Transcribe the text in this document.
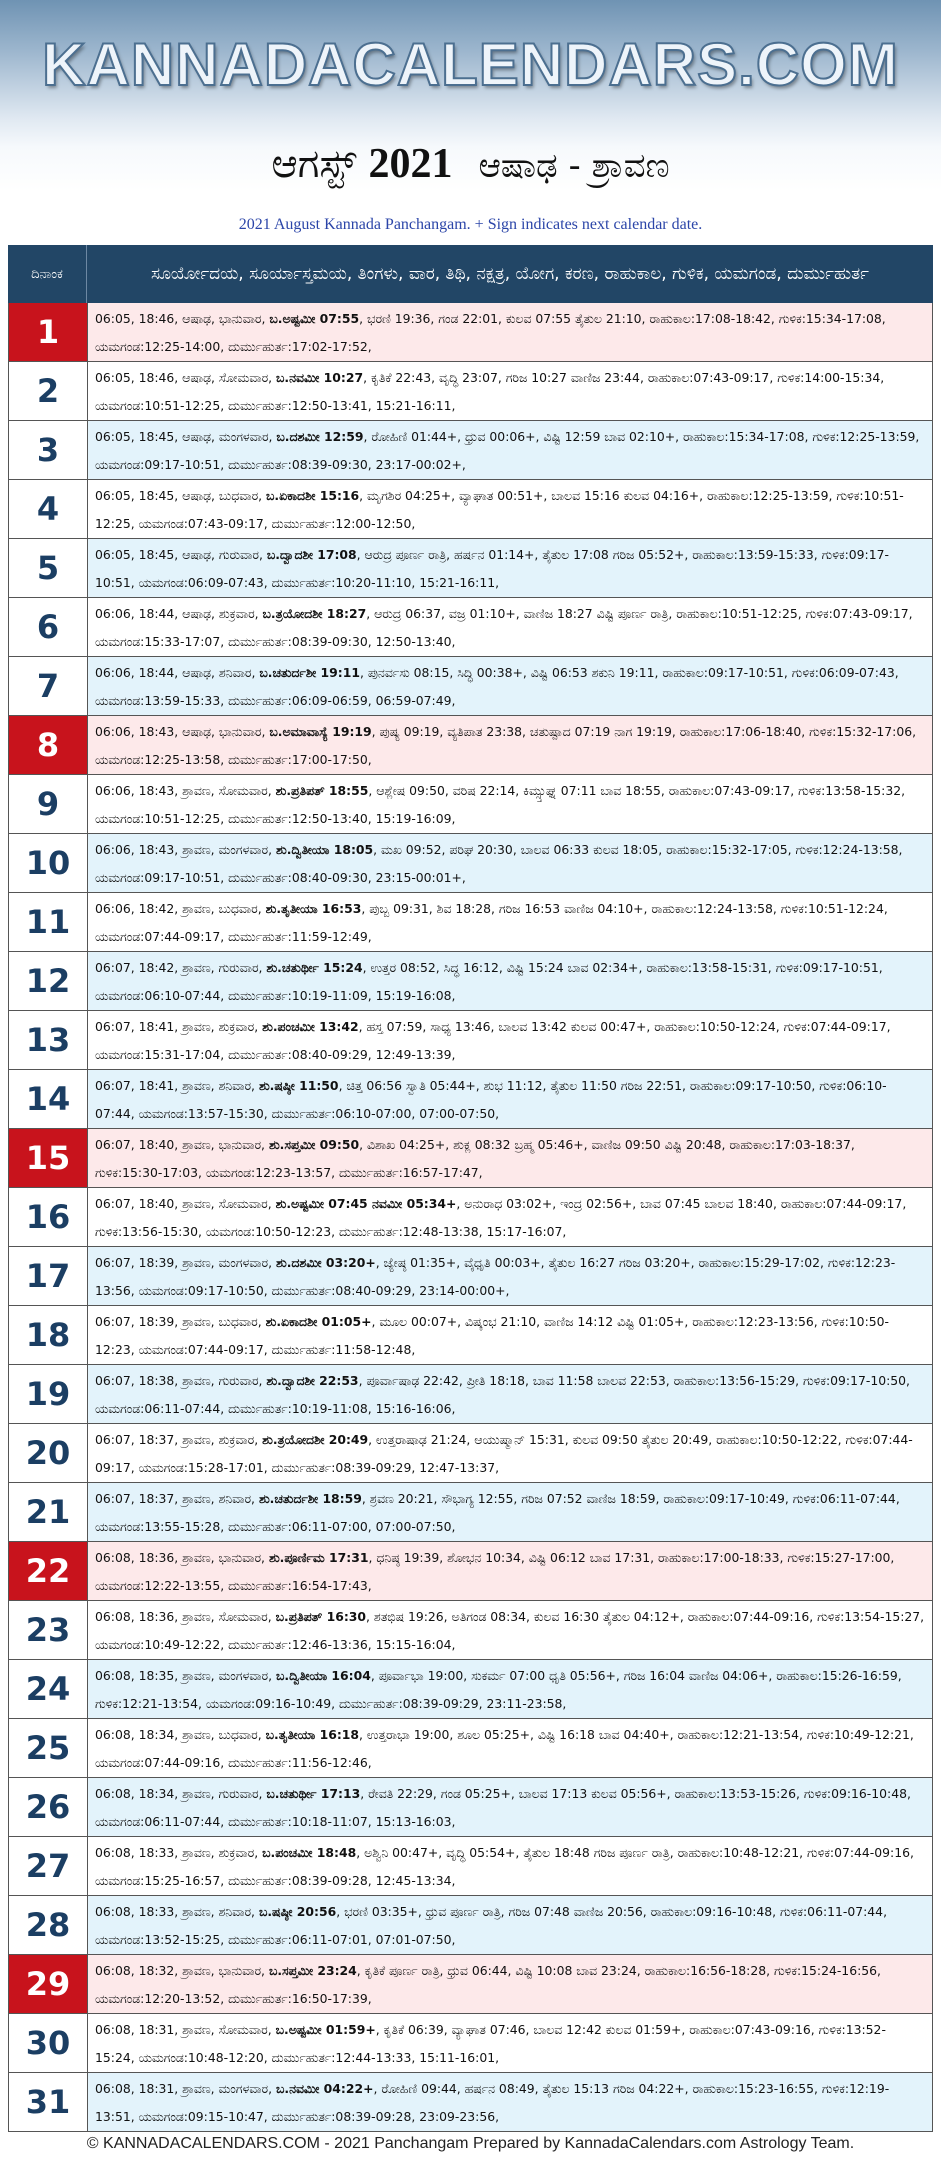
KANNADACALENDARS.COM
ಆಗಸ್ಟ್ 2021 ಆಷಾಢ - ಶ್ರಾವಣ
2021 August Kannada Panchangam. + Sign indicates next calendar date.
ದಿನಾಂಕ	ಸೂರ್ಯೋದಯ, ಸೂರ್ಯಾಸ್ತಮಯ, ತಿಂಗಳು, ವಾರ, ತಿಥಿ, ನಕ್ಷತ್ರ, ಯೋಗ, ಕರಣ, ರಾಹುಕಾಲ, ಗುಳಿಕ, ಯಮಗಂಡ, ದುರ್ಮುಹುರ್ತ
1	06:05, 18:46, ಆಷಾಢ, ಭಾನುವಾರ, ಬ.ಅಷ್ಟಮೀ 07:55, ಭರಣಿ 19:36, ಗಂಡ 22:01, ಕುಲವ 07:55 ತೈತುಲ 21:10, ರಾಹುಕಾಲ:17:08-18:42, ಗುಳಿಕ:15:34-17:08, ಯಮಗಂಡ:12:25-14:00, ದುರ್ಮುಹುರ್ತ:17:02-17:52,
2	06:05, 18:46, ಆಷಾಢ, ಸೋಮವಾರ, ಬ.ನವಮೀ 10:27, ಕೃತಿಕೆ 22:43, ವೃದ್ಧಿ 23:07, ಗರಿಜ 10:27 ವಾಣಿಜ 23:44, ರಾಹುಕಾಲ:07:43-09:17, ಗುಳಿಕ:14:00-15:34, ಯಮಗಂಡ:10:51-12:25, ದುರ್ಮುಹುರ್ತ:12:50-13:41, 15:21-16:11,
3	06:05, 18:45, ಆಷಾಢ, ಮಂಗಳವಾರ, ಬ.ದಶಮೀ 12:59, ರೋಹಿಣಿ 01:44+, ಧ್ರುವ 00:06+, ವಿಷ್ಟಿ 12:59 ಬಾವ 02:10+, ರಾಹುಕಾಲ:15:34-17:08, ಗುಳಿಕ:12:25-13:59, ಯಮಗಂಡ:09:17-10:51, ದುರ್ಮುಹುರ್ತ:08:39-09:30, 23:17-00:02+,
4	06:05, 18:45, ಆಷಾಢ, ಬುಧವಾರ, ಬ.ಏಕಾದಶೀ 15:16, ಮೃಗಶಿರ 04:25+, ವ್ಯಾಘಾತ 00:51+, ಬಾಲವ 15:16 ಕುಲವ 04:16+, ರಾಹುಕಾಲ:12:25-13:59, ಗುಳಿಕ:10:51-12:25, ಯಮಗಂಡ:07:43-09:17, ದುರ್ಮುಹುರ್ತ:12:00-12:50,
5	06:05, 18:45, ಆಷಾಢ, ಗುರುವಾರ, ಬ.ದ್ವಾದಶೀ 17:08, ಆರುದ್ರ ಪೂರ್ಣ ರಾತ್ರಿ, ಹರ್ಷನ 01:14+, ತೈತುಲ 17:08 ಗರಿಜ 05:52+, ರಾಹುಕಾಲ:13:59-15:33, ಗುಳಿಕ:09:17-10:51, ಯಮಗಂಡ:06:09-07:43, ದುರ್ಮುಹುರ್ತ:10:20-11:10, 15:21-16:11,
6	06:06, 18:44, ಆಷಾಢ, ಶುಕ್ರವಾರ, ಬ.ತ್ರಯೋದಶೀ 18:27, ಆರುದ್ರ 06:37, ವಜ್ರ 01:10+, ವಾಣಿಜ 18:27 ವಿಷ್ಟಿ ಪೂರ್ಣ ರಾತ್ರಿ, ರಾಹುಕಾಲ:10:51-12:25, ಗುಳಿಕ:07:43-09:17, ಯಮಗಂಡ:15:33-17:07, ದುರ್ಮುಹುರ್ತ:08:39-09:30, 12:50-13:40,
7	06:06, 18:44, ಆಷಾಢ, ಶನಿವಾರ, ಬ.ಚತುರ್ದಶೀ 19:11, ಪುನರ್ವಸು 08:15, ಸಿದ್ಧಿ 00:38+, ವಿಷ್ಟಿ 06:53 ಶಕುನಿ 19:11, ರಾಹುಕಾಲ:09:17-10:51, ಗುಳಿಕ:06:09-07:43, ಯಮಗಂಡ:13:59-15:33, ದುರ್ಮುಹುರ್ತ:06:09-06:59, 06:59-07:49,
8	06:06, 18:43, ಆಷಾಢ, ಭಾನುವಾರ, ಬ.ಅಮಾವಾಸ್ಯೆ 19:19, ಪುಷ್ಯ 09:19, ವ್ಯತಿಪಾತ 23:38, ಚತುಷ್ಪಾದ 07:19 ನಾಗ 19:19, ರಾಹುಕಾಲ:17:06-18:40, ಗುಳಿಕ:15:32-17:06, ಯಮಗಂಡ:12:25-13:58, ದುರ್ಮುಹುರ್ತ:17:00-17:50,
9	06:06, 18:43, ಶ್ರಾವಣ, ಸೋಮವಾರ, ಶು.ಪ್ರತಿಪತ್ 18:55, ಆಶ್ಲೇಷ 09:50, ವರಿಷ 22:14, ಕಿಮ್ಸ್ತುಘ್ನ 07:11 ಬಾವ 18:55, ರಾಹುಕಾಲ:07:43-09:17, ಗುಳಿಕ:13:58-15:32, ಯಮಗಂಡ:10:51-12:25, ದುರ್ಮುಹುರ್ತ:12:50-13:40, 15:19-16:09,
10	06:06, 18:43, ಶ್ರಾವಣ, ಮಂಗಳವಾರ, ಶು.ದ್ವಿತೀಯಾ 18:05, ಮಖ 09:52, ಪರಿಘ 20:30, ಬಾಲವ 06:33 ಕುಲವ 18:05, ರಾಹುಕಾಲ:15:32-17:05, ಗುಳಿಕ:12:24-13:58, ಯಮಗಂಡ:09:17-10:51, ದುರ್ಮುಹುರ್ತ:08:40-09:30, 23:15-00:01+,
11	06:06, 18:42, ಶ್ರಾವಣ, ಬುಧವಾರ, ಶು.ತೃತೀಯಾ 16:53, ಪುಬ್ಬ 09:31, ಶಿವ 18:28, ಗರಿಜ 16:53 ವಾಣಿಜ 04:10+, ರಾಹುಕಾಲ:12:24-13:58, ಗುಳಿಕ:10:51-12:24, ಯಮಗಂಡ:07:44-09:17, ದುರ್ಮುಹುರ್ತ:11:59-12:49,
12	06:07, 18:42, ಶ್ರಾವಣ, ಗುರುವಾರ, ಶು.ಚತುರ್ಥೀ 15:24, ಉತ್ತರ 08:52, ಸಿದ್ಧ 16:12, ವಿಷ್ಟಿ 15:24 ಬಾವ 02:34+, ರಾಹುಕಾಲ:13:58-15:31, ಗುಳಿಕ:09:17-10:51, ಯಮಗಂಡ:06:10-07:44, ದುರ್ಮುಹುರ್ತ:10:19-11:09, 15:19-16:08,
13	06:07, 18:41, ಶ್ರಾವಣ, ಶುಕ್ರವಾರ, ಶು.ಪಂಚಮೀ 13:42, ಹಸ್ತ 07:59, ಸಾಧ್ಯ 13:46, ಬಾಲವ 13:42 ಕುಲವ 00:47+, ರಾಹುಕಾಲ:10:50-12:24, ಗುಳಿಕ:07:44-09:17, ಯಮಗಂಡ:15:31-17:04, ದುರ್ಮುಹುರ್ತ:08:40-09:29, 12:49-13:39,
14	06:07, 18:41, ಶ್ರಾವಣ, ಶನಿವಾರ, ಶು.ಷಷ್ಠೀ 11:50, ಚಿತ್ತ 06:56 ಸ್ವಾತಿ 05:44+, ಶುಭ 11:12, ತೈತುಲ 11:50 ಗರಿಜ 22:51, ರಾಹುಕಾಲ:09:17-10:50, ಗುಳಿಕ:06:10-07:44, ಯಮಗಂಡ:13:57-15:30, ದುರ್ಮುಹುರ್ತ:06:10-07:00, 07:00-07:50,
15	06:07, 18:40, ಶ್ರಾವಣ, ಭಾನುವಾರ, ಶು.ಸಪ್ತಮೀ 09:50, ವಿಶಾಖ 04:25+, ಶುಕ್ಲ 08:32 ಬ್ರಹ್ಮ 05:46+, ವಾಣಿಜ 09:50 ವಿಷ್ಟಿ 20:48, ರಾಹುಕಾಲ:17:03-18:37, ಗುಳಿಕ:15:30-17:03, ಯಮಗಂಡ:12:23-13:57, ದುರ್ಮುಹುರ್ತ:16:57-17:47,
16	06:07, 18:40, ಶ್ರಾವಣ, ಸೋಮವಾರ, ಶು.ಅಷ್ಟಮೀ 07:45 ನವಮೀ 05:34+, ಅನುರಾಧ 03:02+, ಇಂದ್ರ 02:56+, ಬಾವ 07:45 ಬಾಲವ 18:40, ರಾಹುಕಾಲ:07:44-09:17, ಗುಳಿಕ:13:56-15:30, ಯಮಗಂಡ:10:50-12:23, ದುರ್ಮುಹುರ್ತ:12:48-13:38, 15:17-16:07,
17	06:07, 18:39, ಶ್ರಾವಣ, ಮಂಗಳವಾರ, ಶು.ದಶಮೀ 03:20+, ಜ್ಯೇಷ್ಠ 01:35+, ವೈಧೃತಿ 00:03+, ತೈತುಲ 16:27 ಗರಿಜ 03:20+, ರಾಹುಕಾಲ:15:29-17:02, ಗುಳಿಕ:12:23-13:56, ಯಮಗಂಡ:09:17-10:50, ದುರ್ಮುಹುರ್ತ:08:40-09:29, 23:14-00:00+,
18	06:07, 18:39, ಶ್ರಾವಣ, ಬುಧವಾರ, ಶು.ಏಕಾದಶೀ 01:05+, ಮೂಲ 00:07+, ವಿಷ್ಕಂಭ 21:10, ವಾಣಿಜ 14:12 ವಿಷ್ಟಿ 01:05+, ರಾಹುಕಾಲ:12:23-13:56, ಗುಳಿಕ:10:50-12:23, ಯಮಗಂಡ:07:44-09:17, ದುರ್ಮುಹುರ್ತ:11:58-12:48,
19	06:07, 18:38, ಶ್ರಾವಣ, ಗುರುವಾರ, ಶು.ದ್ವಾದಶೀ 22:53, ಪೂರ್ವಾಷಾಢ 22:42, ಪ್ರೀತಿ 18:18, ಬಾವ 11:58 ಬಾಲವ 22:53, ರಾಹುಕಾಲ:13:56-15:29, ಗುಳಿಕ:09:17-10:50, ಯಮಗಂಡ:06:11-07:44, ದುರ್ಮುಹುರ್ತ:10:19-11:08, 15:16-16:06,
20	06:07, 18:37, ಶ್ರಾವಣ, ಶುಕ್ರವಾರ, ಶು.ತ್ರಯೋದಶೀ 20:49, ಉತ್ತರಾಷಾಢ 21:24, ಆಯುಷ್ಮಾನ್ 15:31, ಕುಲವ 09:50 ತೈತುಲ 20:49, ರಾಹುಕಾಲ:10:50-12:22, ಗುಳಿಕ:07:44-09:17, ಯಮಗಂಡ:15:28-17:01, ದುರ್ಮುಹುರ್ತ:08:39-09:29, 12:47-13:37,
21	06:07, 18:37, ಶ್ರಾವಣ, ಶನಿವಾರ, ಶು.ಚತುರ್ದಶೀ 18:59, ಶ್ರವಣ 20:21, ಸೌಭಾಗ್ಯ 12:55, ಗರಿಜ 07:52 ವಾಣಿಜ 18:59, ರಾಹುಕಾಲ:09:17-10:49, ಗುಳಿಕ:06:11-07:44, ಯಮಗಂಡ:13:55-15:28, ದುರ್ಮುಹುರ್ತ:06:11-07:00, 07:00-07:50,
22	06:08, 18:36, ಶ್ರಾವಣ, ಭಾನುವಾರ, ಶು.ಪೂರ್ಣಿಮ 17:31, ಧನಿಷ್ಠ 19:39, ಶೋಭನ 10:34, ವಿಷ್ಟಿ 06:12 ಬಾವ 17:31, ರಾಹುಕಾಲ:17:00-18:33, ಗುಳಿಕ:15:27-17:00, ಯಮಗಂಡ:12:22-13:55, ದುರ್ಮುಹುರ್ತ:16:54-17:43,
23	06:08, 18:36, ಶ್ರಾವಣ, ಸೋಮವಾರ, ಬ.ಪ್ರತಿಪತ್ 16:30, ಶತಭಿಷ 19:26, ಅತಿಗಂಡ 08:34, ಕುಲವ 16:30 ತೈತುಲ 04:12+, ರಾಹುಕಾಲ:07:44-09:16, ಗುಳಿಕ:13:54-15:27, ಯಮಗಂಡ:10:49-12:22, ದುರ್ಮುಹುರ್ತ:12:46-13:36, 15:15-16:04,
24	06:08, 18:35, ಶ್ರಾವಣ, ಮಂಗಳವಾರ, ಬ.ದ್ವಿತೀಯಾ 16:04, ಪೂರ್ವಾಭಾ 19:00, ಸುಕರ್ಮ 07:00 ಧೃತಿ 05:56+, ಗರಿಜ 16:04 ವಾಣಿಜ 04:06+, ರಾಹುಕಾಲ:15:26-16:59, ಗುಳಿಕ:12:21-13:54, ಯಮಗಂಡ:09:16-10:49, ದುರ್ಮುಹುರ್ತ:08:39-09:29, 23:11-23:58,
25	06:08, 18:34, ಶ್ರಾವಣ, ಬುಧವಾರ, ಬ.ತೃತೀಯಾ 16:18, ಉತ್ತರಾಭಾ 19:00, ಶೂಲ 05:25+, ವಿಷ್ಟಿ 16:18 ಬಾವ 04:40+, ರಾಹುಕಾಲ:12:21-13:54, ಗುಳಿಕ:10:49-12:21, ಯಮಗಂಡ:07:44-09:16, ದುರ್ಮುಹುರ್ತ:11:56-12:46,
26	06:08, 18:34, ಶ್ರಾವಣ, ಗುರುವಾರ, ಬ.ಚತುರ್ಥೀ 17:13, ರೇವತಿ 22:29, ಗಂಡ 05:25+, ಬಾಲವ 17:13 ಕುಲವ 05:56+, ರಾಹುಕಾಲ:13:53-15:26, ಗುಳಿಕ:09:16-10:48, ಯಮಗಂಡ:06:11-07:44, ದುರ್ಮುಹುರ್ತ:10:18-11:07, 15:13-16:03,
27	06:08, 18:33, ಶ್ರಾವಣ, ಶುಕ್ರವಾರ, ಬ.ಪಂಚಮೀ 18:48, ಅಶ್ವಿನಿ 00:47+, ವೃದ್ಧಿ 05:54+, ತೈತುಲ 18:48 ಗರಿಜ ಪೂರ್ಣ ರಾತ್ರಿ, ರಾಹುಕಾಲ:10:48-12:21, ಗುಳಿಕ:07:44-09:16, ಯಮಗಂಡ:15:25-16:57, ದುರ್ಮುಹುರ್ತ:08:39-09:28, 12:45-13:34,
28	06:08, 18:33, ಶ್ರಾವಣ, ಶನಿವಾರ, ಬ.ಷಷ್ಠೀ 20:56, ಭರಣಿ 03:35+, ಧ್ರುವ ಪೂರ್ಣ ರಾತ್ರಿ, ಗರಿಜ 07:48 ವಾಣಿಜ 20:56, ರಾಹುಕಾಲ:09:16-10:48, ಗುಳಿಕ:06:11-07:44, ಯಮಗಂಡ:13:52-15:25, ದುರ್ಮುಹುರ್ತ:06:11-07:01, 07:01-07:50,
29	06:08, 18:32, ಶ್ರಾವಣ, ಭಾನುವಾರ, ಬ.ಸಪ್ತಮೀ 23:24, ಕೃತಿಕೆ ಪೂರ್ಣ ರಾತ್ರಿ, ಧ್ರುವ 06:44, ವಿಷ್ಟಿ 10:08 ಬಾವ 23:24, ರಾಹುಕಾಲ:16:56-18:28, ಗುಳಿಕ:15:24-16:56, ಯಮಗಂಡ:12:20-13:52, ದುರ್ಮುಹುರ್ತ:16:50-17:39,
30	06:08, 18:31, ಶ್ರಾವಣ, ಸೋಮವಾರ, ಬ.ಅಷ್ಟಮೀ 01:59+, ಕೃತಿಕೆ 06:39, ವ್ಯಾಘಾತ 07:46, ಬಾಲವ 12:42 ಕುಲವ 01:59+, ರಾಹುಕಾಲ:07:43-09:16, ಗುಳಿಕ:13:52-15:24, ಯಮಗಂಡ:10:48-12:20, ದುರ್ಮುಹುರ್ತ:12:44-13:33, 15:11-16:01,
31	06:08, 18:31, ಶ್ರಾವಣ, ಮಂಗಳವಾರ, ಬ.ನವಮೀ 04:22+, ರೋಹಿಣಿ 09:44, ಹರ್ಷನ 08:49, ತೈತುಲ 15:13 ಗರಿಜ 04:22+, ರಾಹುಕಾಲ:15:23-16:55, ಗುಳಿಕ:12:19-13:51, ಯಮಗಂಡ:09:15-10:47, ದುರ್ಮುಹುರ್ತ:08:39-09:28, 23:09-23:56,
© KANNADACALENDARS.COM - 2021 Panchangam Prepared by KannadaCalendars.com Astrology Team.
